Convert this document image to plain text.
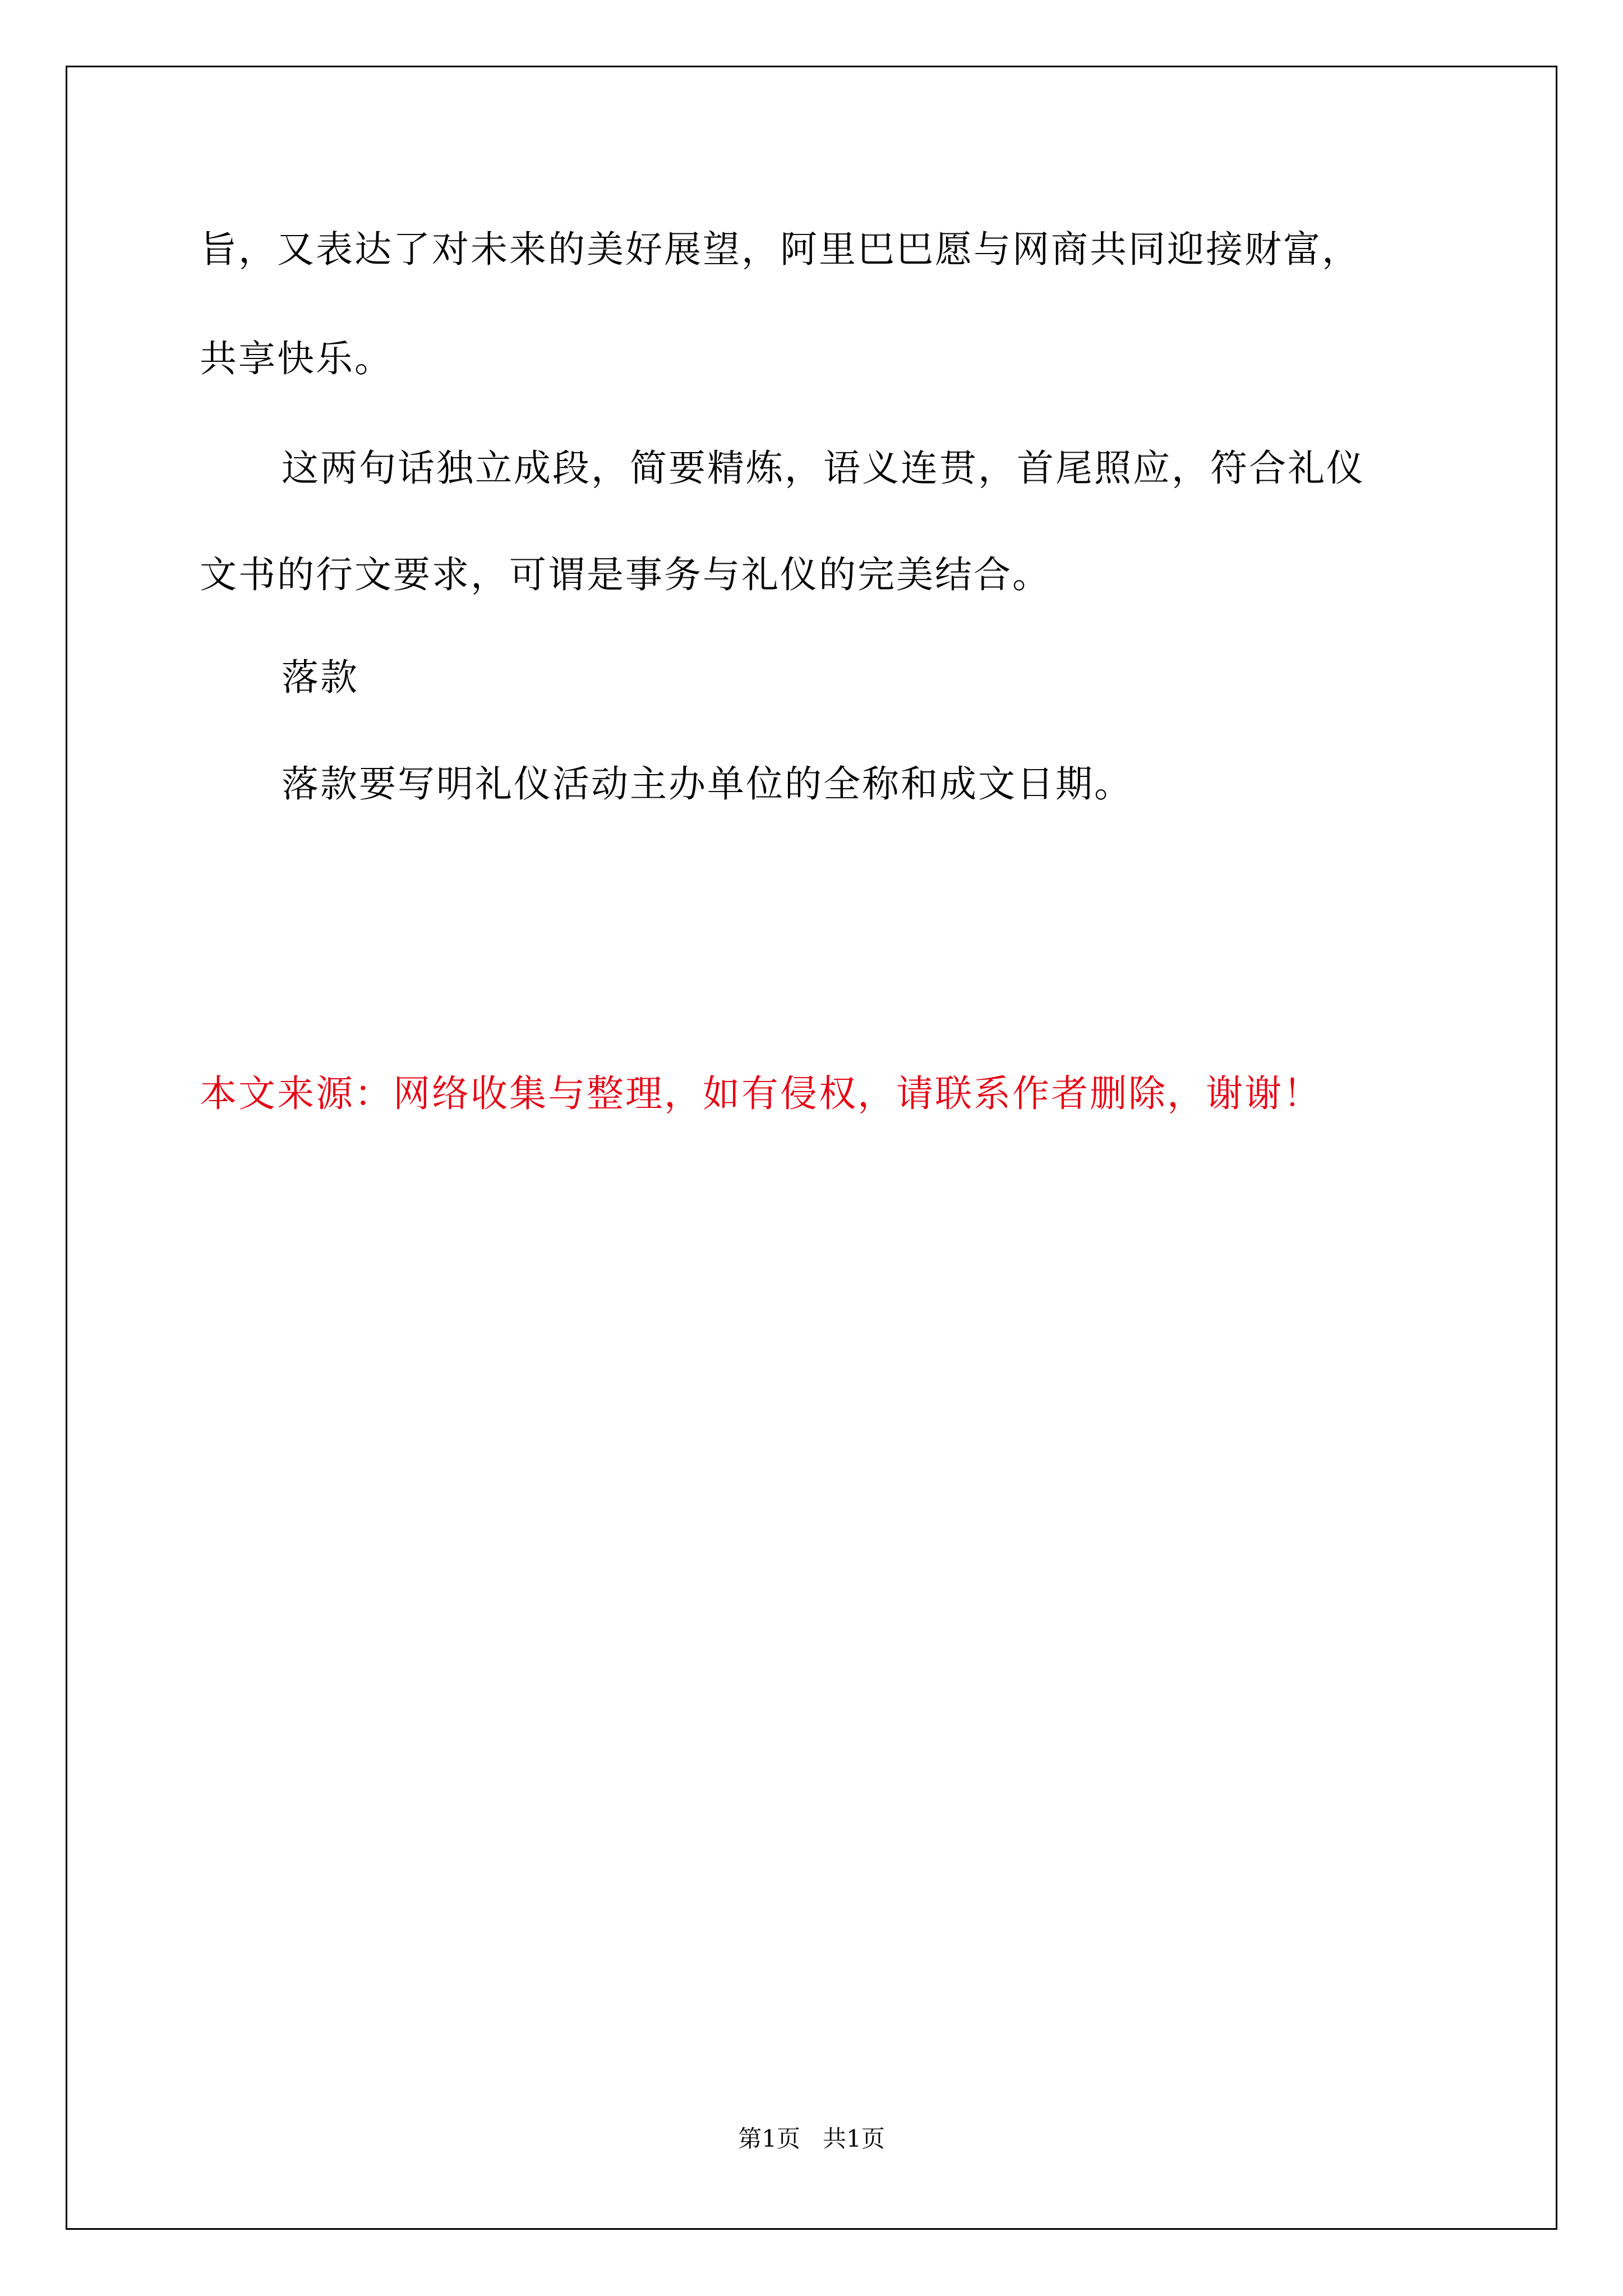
旨，又表达了对未来的美好展望，阿里巴巴愿与网商共同迎接财富，
共享快乐。
这两句话独立成段，简要精炼，语义连贯，首尾照应，符合礼仪
文书的行文要求，可谓是事务与礼仪的完美结合。
落款
落款要写明礼仪活动主办单位的全称和成文日期。
本文来源：网络收集与整理，如有侵权，请联系作者删除，谢谢！
第1页   共1页
